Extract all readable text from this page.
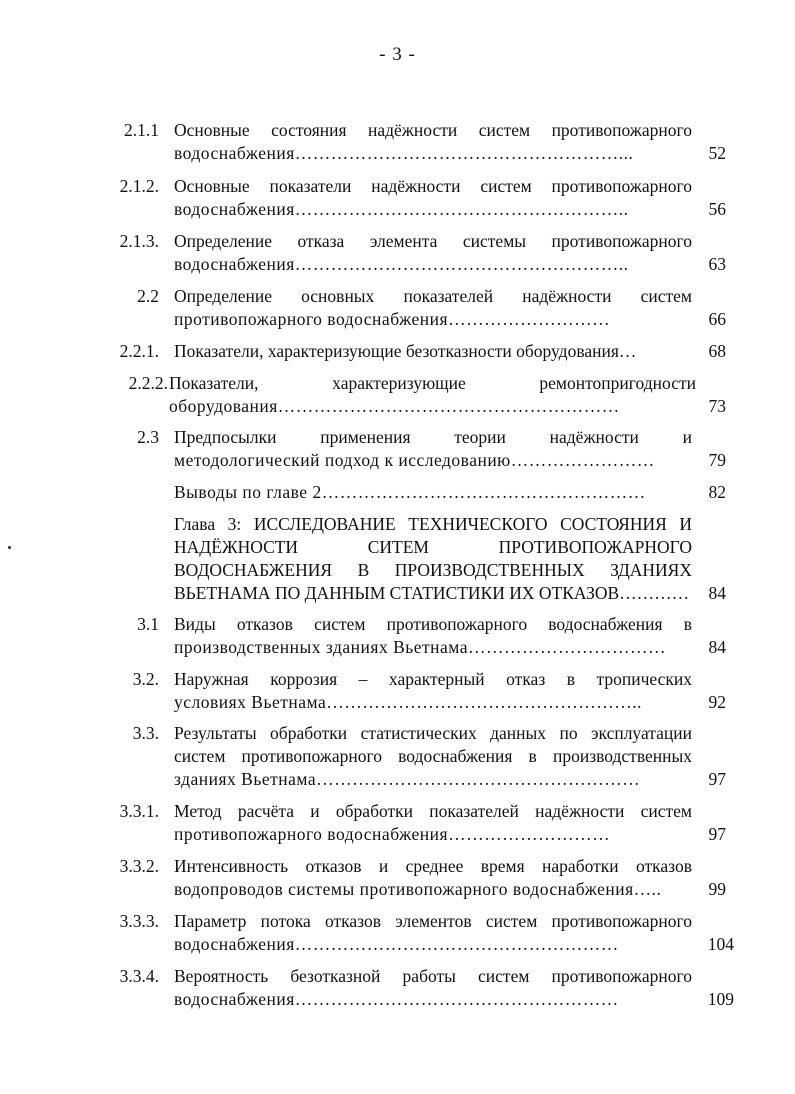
- 3 -
2.1.1 Основные состояния надёжности систем противопожарного
водоснабжения………………………………………………...	52
2.1.2. Основные показатели надёжности систем противопожарного
водоснабжения………………………………………………..	56
2.1.3. Определение отказа элемента системы противопожарного
водоснабжения………………………………………………..	63
2.2 Определение основных показателей надёжности систем
противопожарного водоснабжения………………………	66
2.2.1. Показатели, характеризующие безотказности оборудования…	68
2.2.2. Показатели, характеризующие ремонтопригодности
оборудования…………………………………………………	73
2.3 Предпосылки применения теории надёжности и
методологический подход к исследованию……………………	79
Выводы по главе 2………………………………………………	82
Глава 3: ИССЛЕДОВАНИЕ ТЕХНИЧЕСКОГО СОСТОЯНИЯ И
НАДЁЖНОСТИ СИТЕМ ПРОТИВОПОЖАРНОГО
ВОДОСНАБЖЕНИЯ В ПРОИЗВОДСТВЕННЫХ ЗДАНИЯХ
ВЬЕТНАМА ПО ДАННЫМ СТАТИСТИКИ ИХ ОТКАЗОВ………… 84
3.1 Виды отказов систем противопожарного водоснабжения в
производственных зданиях Вьетнама……………………………	84
3.2. Наружная коррозия – характерный отказ в тропических
условиях Вьетнама……………………………………………..	92
3.3. Результаты обработки статистических данных по эксплуатации
систем противопожарного водоснабжения в производственных
зданиях Вьетнама………………………………………………	97
3.3.1. Метод расчёта и обработки показателей надёжности систем
противопожарного водоснабжения………………………	97
3.3.2. Интенсивность отказов и среднее время наработки отказов
водопроводов системы противопожарного водоснабжения…..	99
3.3.3. Параметр потока отказов элементов систем противопожарного
водоснабжения………………………………………………	104
3.3.4. Вероятность безотказной работы систем противопожарного
водоснабжения………………………………………………	109
